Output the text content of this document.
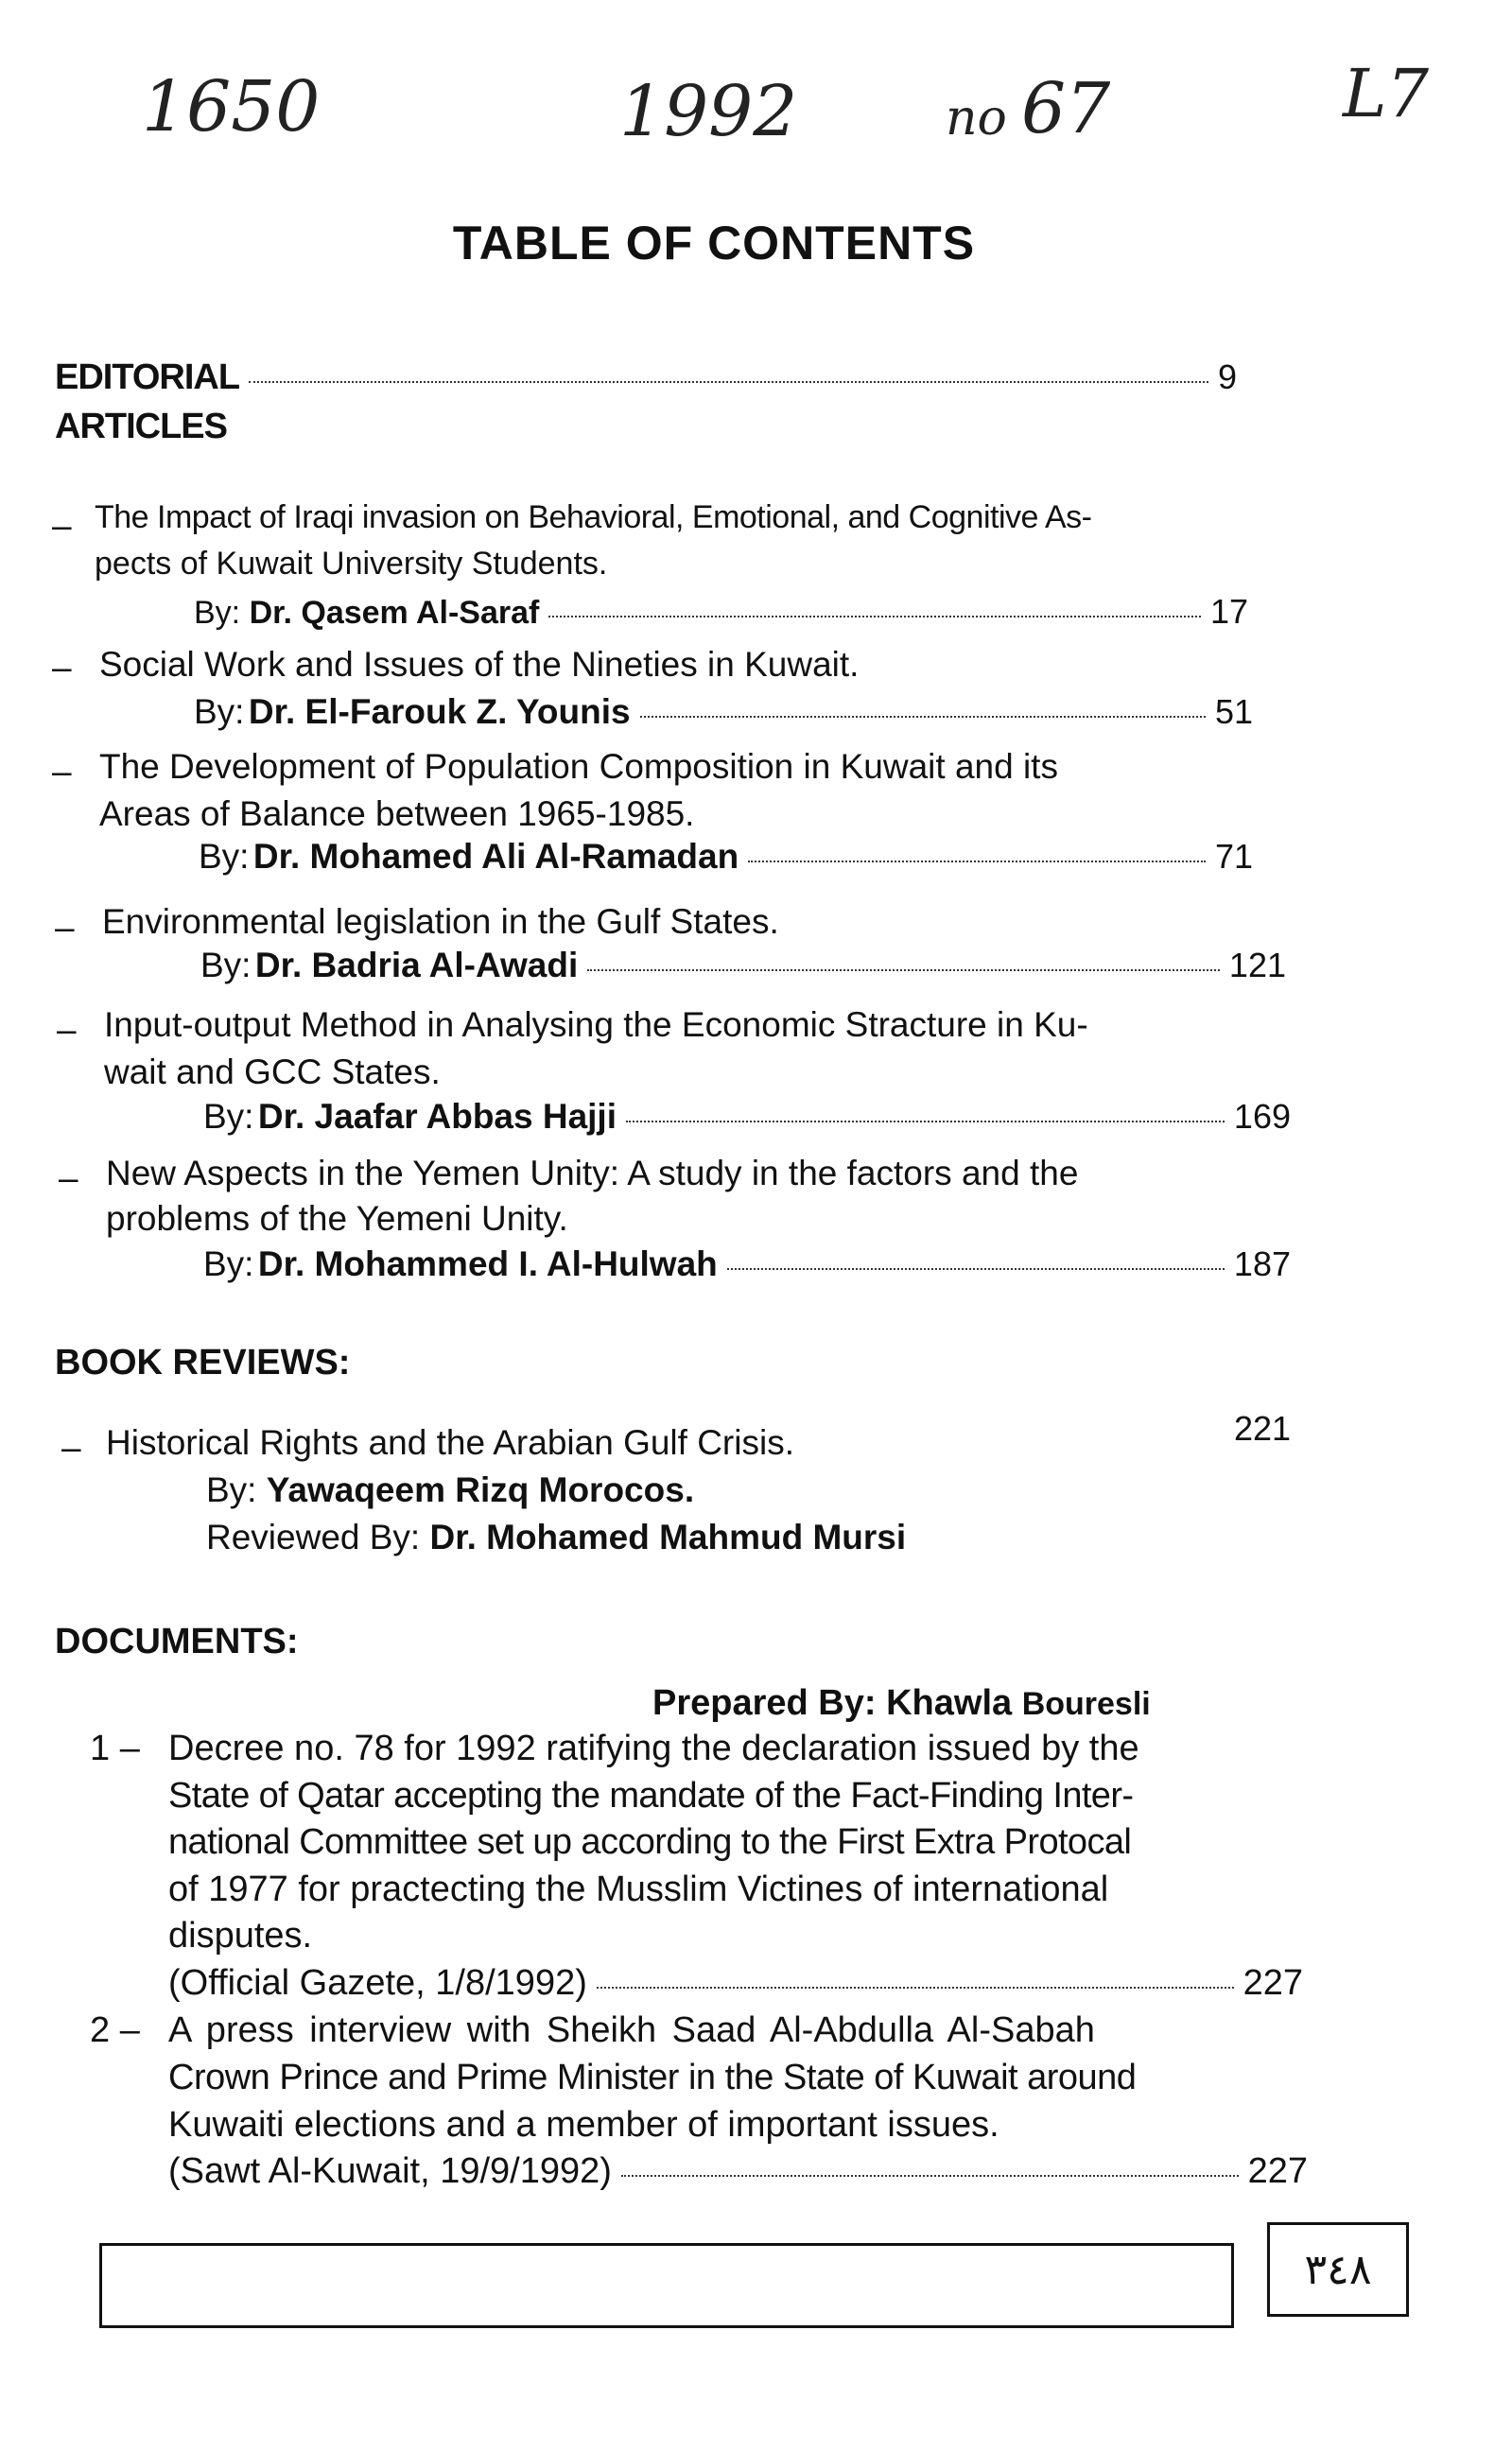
1650	1992	no 67	L7
TABLE OF CONTENTS
EDITORIAL	9
ARTICLES
– The Impact of Iraqi invasion on Behavioral, Emotional, and Cognitive As-
pects of Kuwait University Students.
By:
Dr. Qasem Al-Saraf	17
– Social Work and Issues of the Nineties in Kuwait.
By:
Dr. El-Farouk Z. Younis	51
– The Development of Population Composition in Kuwait and its
Areas of Balance between 1965-1985.
By:
Dr. Mohamed Ali Al-Ramadan	71
– Environmental legislation in the Gulf States.
By:
Dr. Badria Al-Awadi	121
– Input-output Method in Analysing the Economic Stracture in Ku-
wait and GCC States.
By:
Dr. Jaafar Abbas Hajji	169
– New Aspects in the Yemen Unity: A study in the factors and the
problems of the Yemeni Unity.
By:
Dr. Mohammed I. Al-Hulwah	187
BOOK REVIEWS:
– Historical Rights and the Arabian Gulf Crisis.	221
By: Yawaqeem Rizq Morocos.
Reviewed By: Dr. Mohamed Mahmud Mursi
DOCUMENTS:
Prepared By: Khawla Bouresli
1 – Decree no. 78 for 1992 ratifying the declaration issued by the
State of Qatar accepting the mandate of the Fact-Finding Inter-
national Committee set up according to the First Extra Protocal
of 1977 for practecting the Musslim Victines of international
disputes.
(Official Gazete, 1/8/1992)	227
2 – A press interview with Sheikh Saad Al-Abdulla Al-Sabah
Crown Prince and Prime Minister in the State of Kuwait around
Kuwaiti elections and a member of important issues.
(Sawt Al-Kuwait, 19/9/1992)	227
٣٤٨
